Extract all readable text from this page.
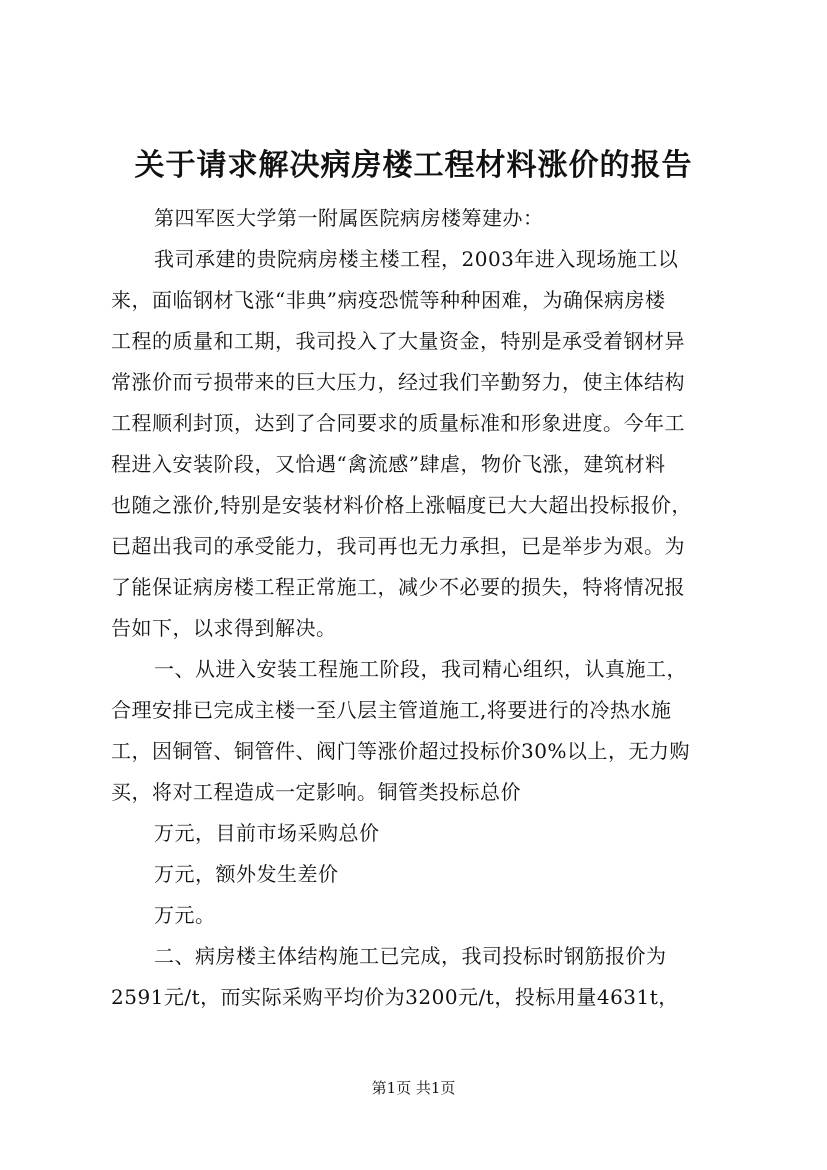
关于请求解决病房楼工程材料涨价的报告
第四军医大学第一附属医院病房楼筹建办：
我司承建的贵院病房楼主楼工程，2003年进入现场施工以
来，面临钢材飞涨“非典”病疫恐慌等种种困难，为确保病房楼
工程的质量和工期，我司投入了大量资金，特别是承受着钢材异
常涨价而亏损带来的巨大压力，经过我们辛勤努力，使主体结构
工程顺利封顶，达到了合同要求的质量标准和形象进度。今年工
程进入安装阶段，又恰遇“禽流感”肆虐，物价飞涨，建筑材料
也随之涨价,特别是安装材料价格上涨幅度已大大超出投标报价，
已超出我司的承受能力，我司再也无力承担，已是举步为艰。为
了能保证病房楼工程正常施工，减少不必要的损失，特将情况报
告如下，以求得到解决。
一、从进入安装工程施工阶段，我司精心组织，认真施工，
合理安排已完成主楼一至八层主管道施工,将要进行的冷热水施
工，因铜管、铜管件、阀门等涨价超过投标价30%以上，无力购
买，将对工程造成一定影响。铜管类投标总价
万元，目前市场采购总价
万元，额外发生差价
万元。
二、病房楼主体结构施工已完成，我司投标时钢筋报价为
2591元/t，而实际采购平均价为3200元/t，投标用量4631t，
第1页 共1页
